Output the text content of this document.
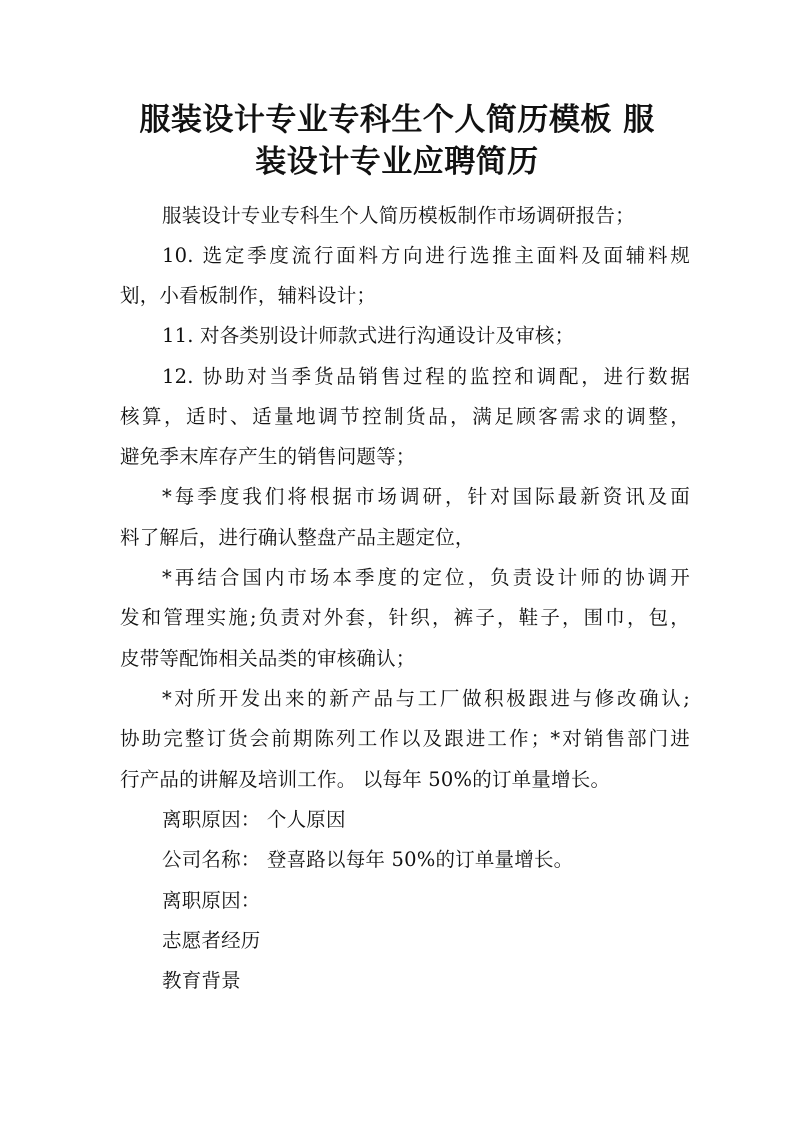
服装设计专业专科生个人简历模板 服
装设计专业应聘简历
服装设计专业专科生个人简历模板制作市场调研报告；
10. 选定季度流行面料方向进行选推主面料及面辅料规
划，小看板制作，辅料设计；
11. 对各类别设计师款式进行沟通设计及审核；
12. 协助对当季货品销售过程的监控和调配，进行数据
核算，适时、适量地调节控制货品，满足顾客需求的调整，
避免季末库存产生的销售问题等；
*每季度我们将根据市场调研，针对国际最新资讯及面
料了解后，进行确认整盘产品主题定位，
*再结合国内市场本季度的定位，负责设计师的协调开
发和管理实施;负责对外套，针织，裤子，鞋子，围巾，包，
皮带等配饰相关品类的审核确认；
*对所开发出来的新产品与工厂做积极跟进与修改确认;
协助完整订货会前期陈列工作以及跟进工作；*对销售部门进
行产品的讲解及培训工作。 以每年 50%的订单量增长。
离职原因： 个人原因
公司名称： 登喜路以每年 50%的订单量增长。
离职原因：
志愿者经历
教育背景
